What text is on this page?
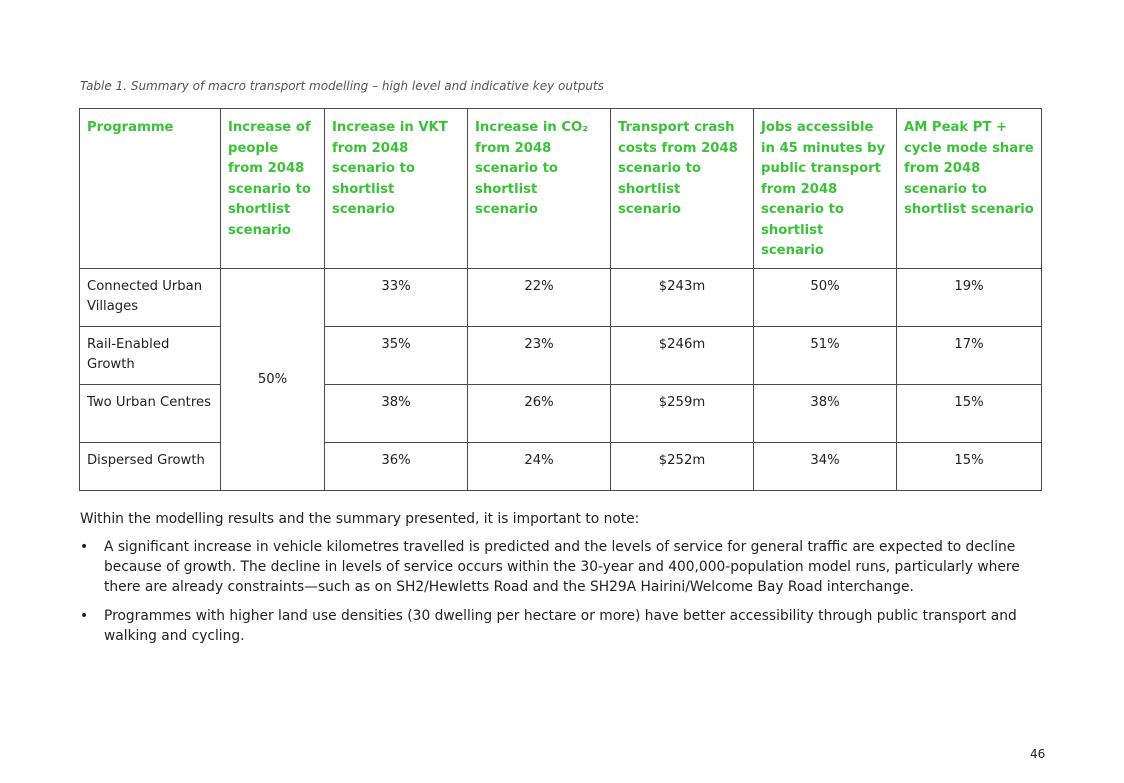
Table 1. Summary of macro transport modelling – high level and indicative key outputs
Programme	Increase of people from 2048 scenario to shortlist scenario	Increase in VKT from 2048 scenario to shortlist scenario	Increase in CO₂ from 2048 scenario to shortlist scenario	Transport crash costs from 2048 scenario to shortlist scenario	Jobs accessible in 45 minutes by public transport from 2048 scenario to shortlist scenario	AM Peak PT + cycle mode share from 2048 scenario to shortlist scenario
Connected Urban Villages	50%	33%	22%	$243m	50%	19%
Rail-Enabled Growth		35%	23%	$246m	51%	17%
Two Urban Centres		38%	26%	$259m	38%	15%
Dispersed Growth		36%	24%	$252m	34%	15%
Within the modelling results and the summary presented, it is important to note:
• A significant increase in vehicle kilometres travelled is predicted and the levels of service for general traffic are expected to decline because of growth. The decline in levels of service occurs within the 30-year and 400,000-population model runs, particularly where there are already constraints—such as on SH2/Hewletts Road and the SH29A Hairini/Welcome Bay Road interchange.
• Programmes with higher land use densities (30 dwelling per hectare or more) have better accessibility through public transport and walking and cycling.
46
